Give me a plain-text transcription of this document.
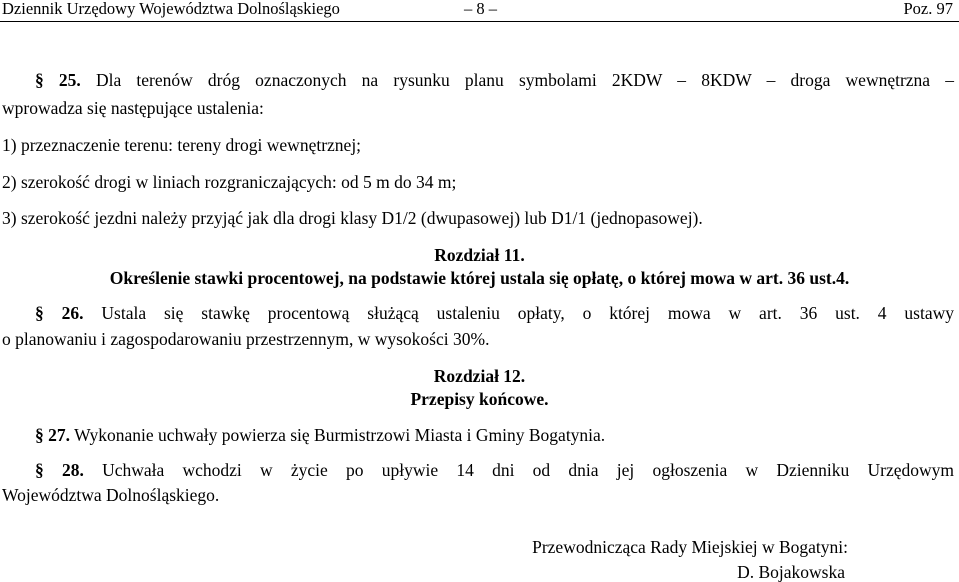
Dziennik Urzędowy Województwa Dolnośląskiego	– 8 –	Poz. 97
§ 25. Dla terenów dróg oznaczonych na rysunku planu symbolami 2KDW – 8KDW – droga wewnętrzna –
wprowadza się następujące ustalenia:
1) przeznaczenie terenu: tereny drogi wewnętrznej;
2) szerokość drogi w liniach rozgraniczających: od 5 m do 34 m;
3) szerokość jezdni należy przyjąć jak dla drogi klasy D1/2 (dwupasowej) lub D1/1 (jednopasowej).
Rozdział 11.
Określenie stawki procentowej, na podstawie której ustala się opłatę, o której mowa w art. 36 ust.4.
§ 26. Ustala się stawkę procentową służącą ustaleniu opłaty, o której mowa w art. 36 ust. 4 ustawy
o planowaniu i zagospodarowaniu przestrzennym, w wysokości 30%.
Rozdział 12.
Przepisy końcowe.
§ 27. Wykonanie uchwały powierza się Burmistrzowi Miasta i Gminy Bogatynia.
§ 28. Uchwała wchodzi w życie po upływie 14 dni od dnia jej ogłoszenia w Dzienniku Urzędowym
Województwa Dolnośląskiego.
Przewodnicząca Rady Miejskiej w Bogatyni:
D. Bojakowska
